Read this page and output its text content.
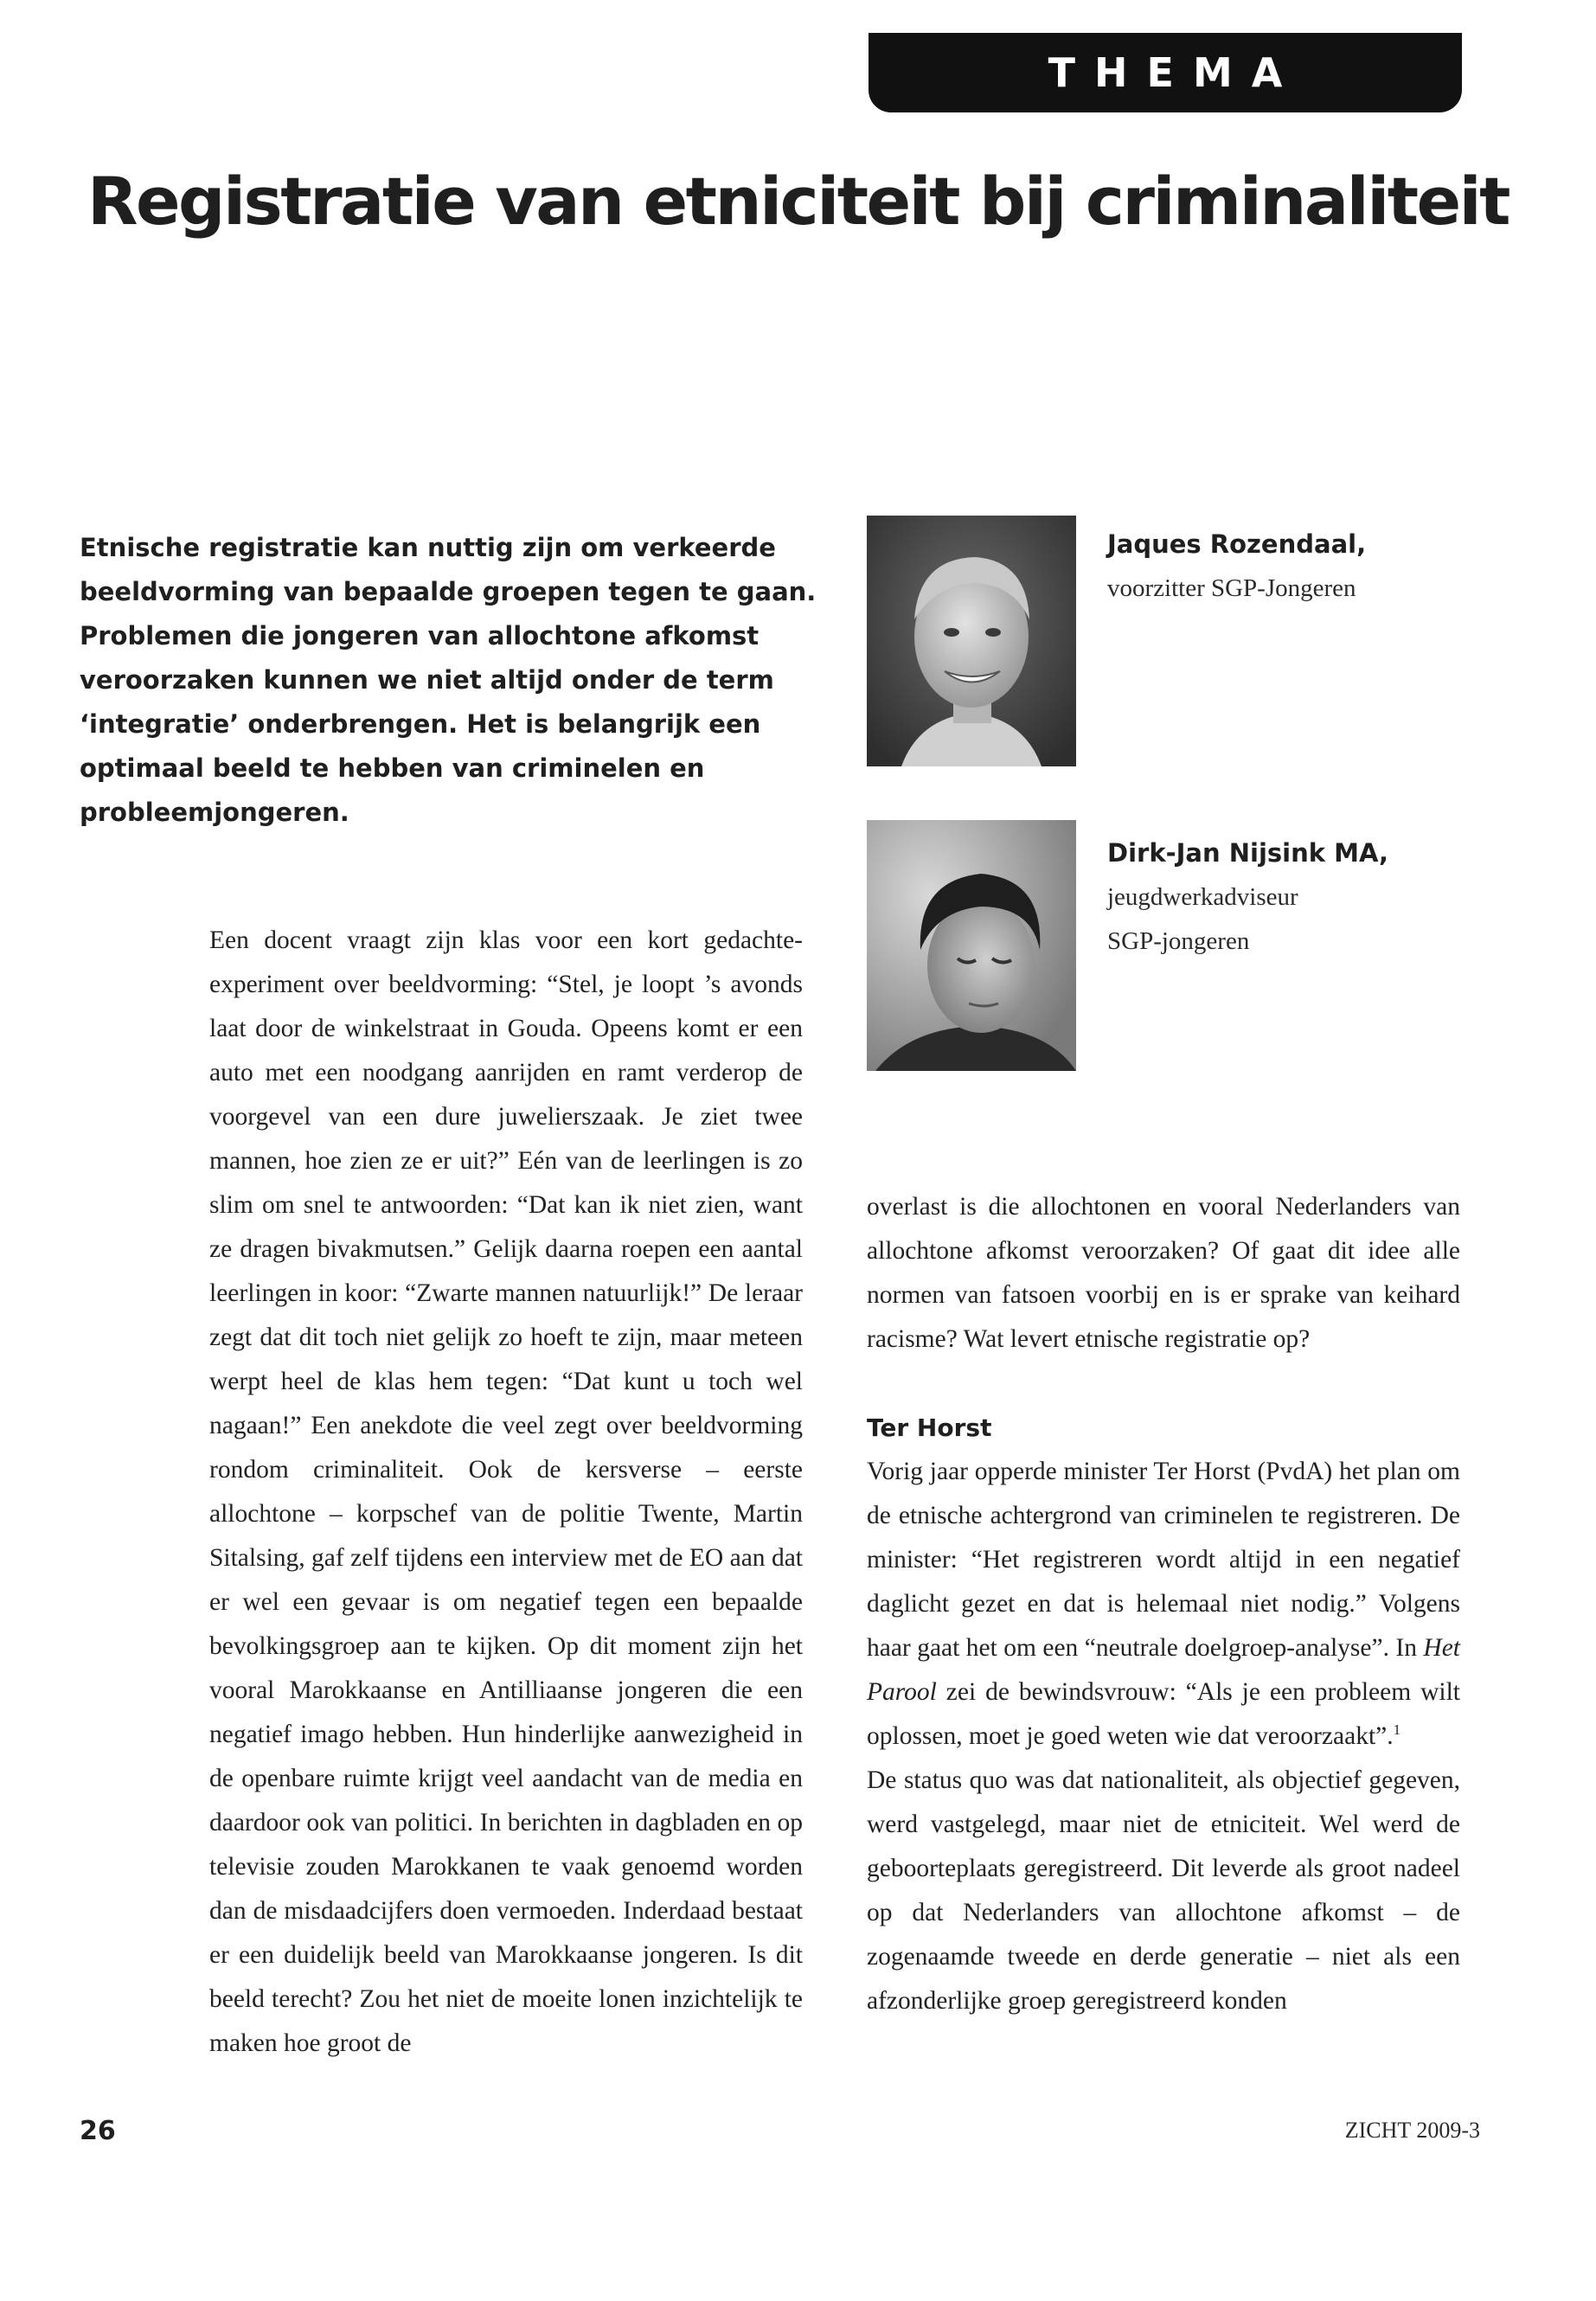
THEMA
Registratie van etniciteit bij criminaliteit
Etnische registratie kan nuttig zijn om verkeerde
beeldvorming van bepaalde groepen tegen te gaan.
Problemen die jongeren van allochtone afkomst
veroorzaken kunnen we niet altijd onder de term
‘integratie’ onderbrengen. Het is belangrijk een
optimaal beeld te hebben van criminelen en
probleemjongeren.

Jaques Rozendaal,

voorzitter SGP-Jongeren

Dirk-Jan Nijsink MA,

jeugdwerkadviseur

SGP-jongeren

Een docent vraagt zijn klas voor een kort gedachte-experiment over beeldvorming: “Stel, je loopt ’s avonds laat door de winkelstraat in Gouda. Opeens komt er een auto met een noodgang aanrijden en ramt verderop de voorgevel van een dure juwelierszaak. Je ziet twee mannen, hoe zien ze er uit?” Eén van de leerlingen is zo slim om snel te antwoorden: “Dat kan ik niet zien, want ze dragen bivakmutsen.” Gelijk daarna roepen een aantal leerlingen in koor: “Zwarte mannen natuurlijk!” De leraar zegt dat dit toch niet gelijk zo hoeft te zijn, maar meteen werpt heel de klas hem tegen: “Dat kunt u toch wel nagaan!” Een anekdote die veel zegt over beeldvorming rondom criminaliteit. Ook de kersverse – eerste allochtone – korpschef van de politie Twente, Martin Sitalsing, gaf zelf tijdens een interview met de EO aan dat er wel een gevaar is om negatief tegen een bepaalde bevolkingsgroep aan te kijken. Op dit moment zijn het vooral Marokkaanse en Antilliaanse jongeren die een negatief imago hebben. Hun hinderlijke aanwezigheid in de openbare ruimte krijgt veel aandacht van de media en daardoor ook van politici. In berichten in dagbladen en op televisie zouden Marokkanen te vaak genoemd worden dan de misdaadcijfers doen vermoeden. Inderdaad bestaat er een duidelijk beeld van Marokkaanse jongeren. Is dit beeld terecht? Zou het niet de moeite lonen inzichtelijk te maken hoe groot de

overlast is die allochtonen en vooral Nederlanders van allochtone afkomst veroorzaken? Of gaat dit idee alle normen van fatsoen voorbij en is er sprake van keihard racisme? Wat levert etnische registratie op?

Ter Horst

Vorig jaar opperde minister Ter Horst (PvdA) het plan om de etnische achtergrond van criminelen te registreren. De minister: “Het registreren wordt altijd in een negatief daglicht gezet en dat is helemaal niet nodig.” Volgens haar gaat het om een “neutrale doelgroep-analyse”. In Het Parool zei de bewindsvrouw: “Als je een probleem wilt oplossen, moet je goed weten wie dat veroorzaakt”.$^1$

De status quo was dat nationaliteit, als objectief gegeven, werd vastgelegd, maar niet de etniciteit. Wel werd de geboorteplaats geregistreerd. Dit leverde als groot nadeel op dat Nederlanders van allochtone afkomst – de zogenaamde tweede en derde generatie – niet als een afzonderlijke groep geregistreerd konden

26	ZICHT 2009-3
